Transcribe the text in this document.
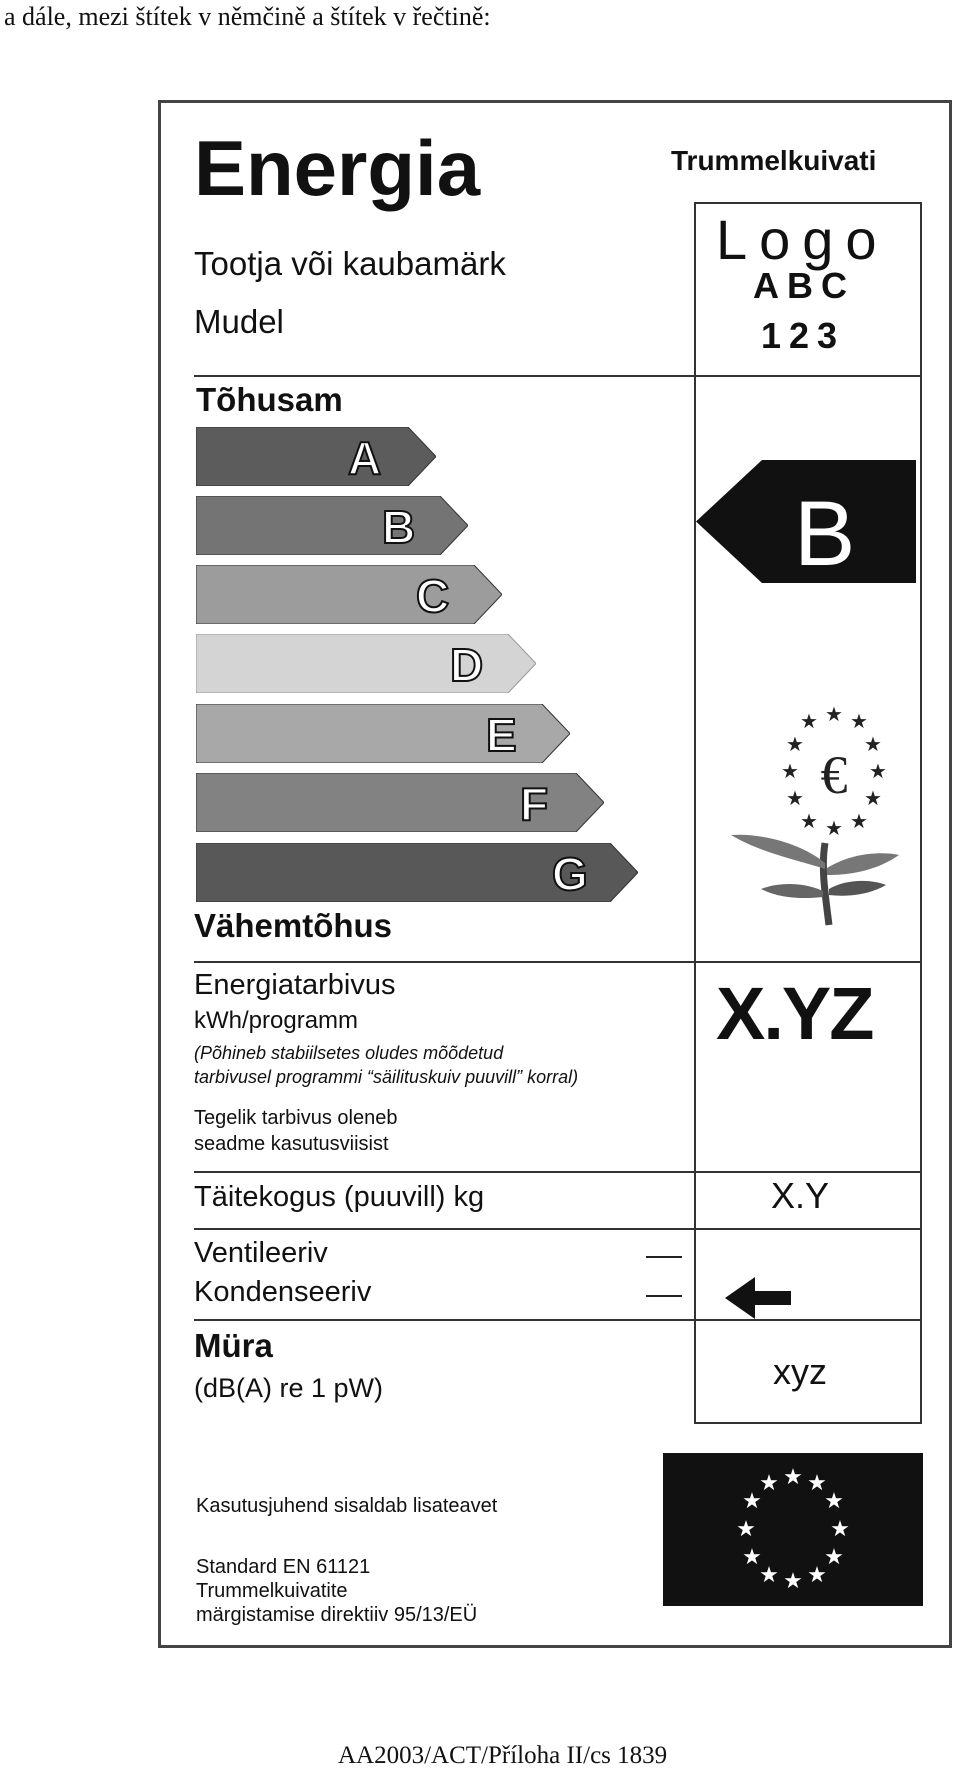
a dále, mezi štítek v němčině a štítek v řečtině:
Energia	Trummelkuivati
Tootja või kaubamärk
Mudel
Logo
ABC
123
Tõhusam
A
B
C
D
E
F
G
B
★ ★
★
★
★
★
★
★
★
★
★
★
€
Vähemtõhus
Energiatarbivus
kWh/programm
(Põhineb stabiilsetes oludes mõõdetud
tarbivusel programmi “säilituskuiv puuvill” korral)
Tegelik tarbivus oleneb
seadme kasutusviisist
X.YZ
Täitekogus (puuvill) kg	X.Y
Ventileeriv
Kondenseeriv
Müra
(dB(A) re 1 pW)	xyz
Kasutusjuhend sisaldab lisateavet
Standard EN 61121
Trummelkuivatite
märgistamise direktiiv 95/13/EÜ
★ ★
★
★
★
★
★
★
★
★
★
★
AA2003/ACT/Příloha II/cs 1839
